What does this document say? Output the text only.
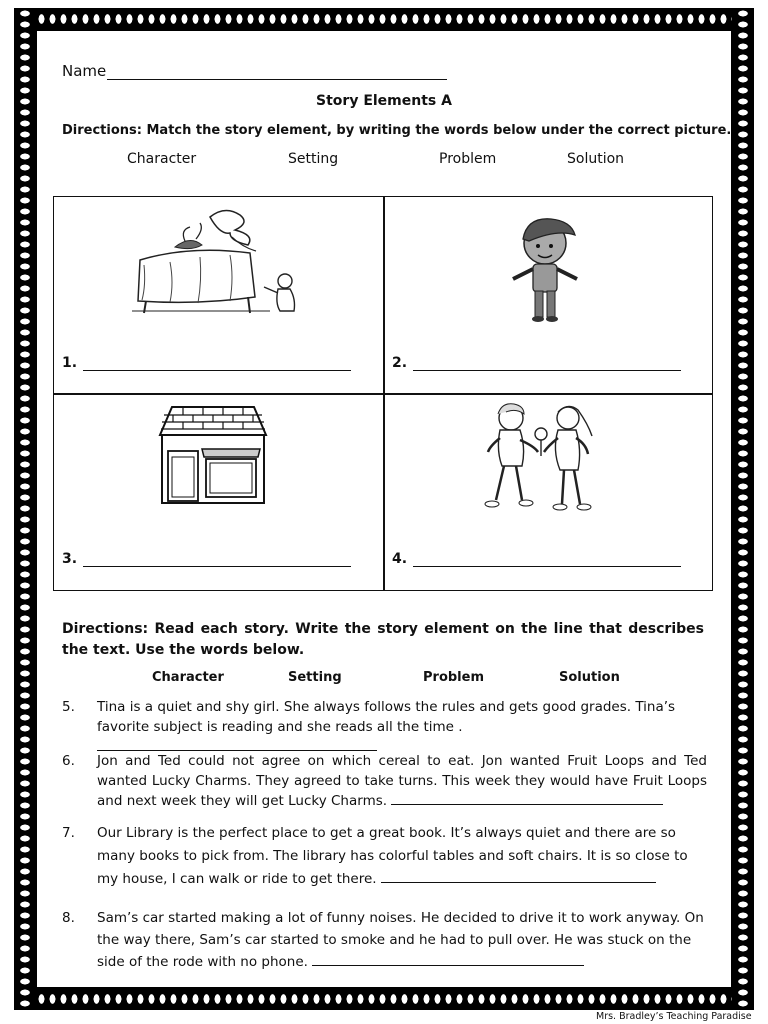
Name
Story Elements A
Directions: Match the story element, by writing the words below under the correct picture.
Character	Setting	Problem	Solution
1.	2.
3.	4.
Directions: Read each story. Write the story element on the line that describes the text. Use the words below.
Character	Setting	Problem	Solution
5. Tina is a quiet and shy girl. She always follows the rules and gets good grades. Tina’s favorite subject is reading and she reads all the time .
6. Jon and Ted could not agree on which cereal to eat. Jon wanted Fruit Loops and Ted wanted Lucky Charms. They agreed to take turns. This week they would have Fruit Loops and next week they will get Lucky Charms.
7. Our Library is the perfect place to get a great book. It’s always quiet and there are so many books to pick from. The library has colorful tables and soft chairs. It is so close to my house, I can walk or ride to get there.
8. Sam’s car started making a lot of funny noises. He decided to drive it to work anyway. On the way there, Sam’s car started to smoke and he had to pull over. He was stuck on the side of the rode with no phone.
Mrs. Bradley’s Teaching Paradise
